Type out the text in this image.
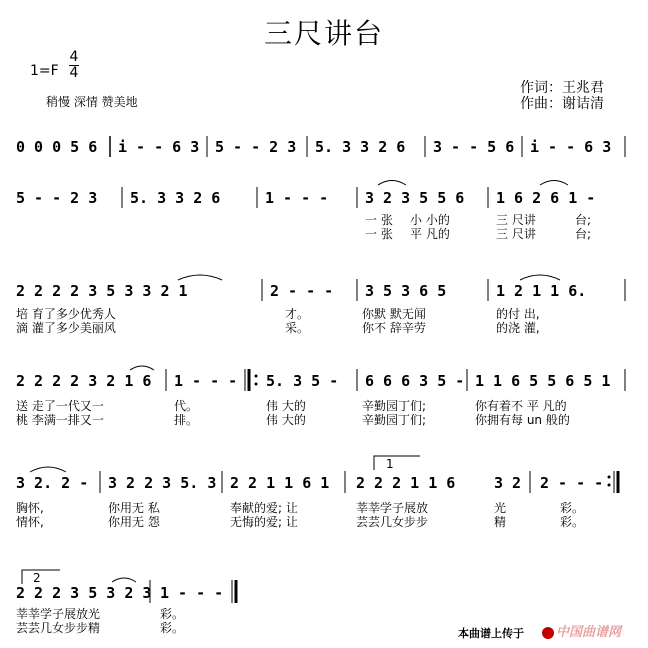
三尺讲台
1=F
4
4
稍慢 深情 赞美地
作词：王兆君
作曲：谢诘清
0 0 0 5 6 i - - 6 3 5 - - 2 3 5. 3 3 2 6 3 - - 5 6 i - - 6 3
5 - - 2 3 5. 3 3 2 6	1 - - - 3 2 3 5 5 6 1 6 2 6 1 -
一 张 小 小的	三 尺讲	台;
一 张 平 凡的	三 尺讲	台;
2 2 2 2 3 5 3 3 2 1	2 - - - 3 5 3 6 5	1 2 1 1 6.
培 育了多少优秀人	才。	你默 默无闻	的付 出,
滴 灌了多少美丽风	采。	你不 辞辛劳	的浇 灌,
2 2 2 2 3 2 1 6 1 - - - 5. 3 5 - 6 6 6 3 5 - 1 1 6 5 5 6 5 1
送 走了一代又一	代。	伟 大的	辛勤园丁们;	你有着不 平 凡的
桃 李满一排又一	排。	伟 大的	辛勤园丁们;	你拥有每 un 般的
1
3 2. 2 - 3 2 2 3 5. 3 2 2 1 1 6 1 2 2 2 1 1 6	3 2 2 - - -
胸怀,	你用无 私	奉献的爱; 让	莘莘学子展放	光	彩。
情怀,	你用无 怨	无悔的爱; 让	芸芸几女步步	精	彩。
2
2 2 2 3 5 3 2 3 1 - - -
莘莘学子展放光	彩。
芸芸几女步步精	彩。	本曲谱上传于	中国曲谱网
